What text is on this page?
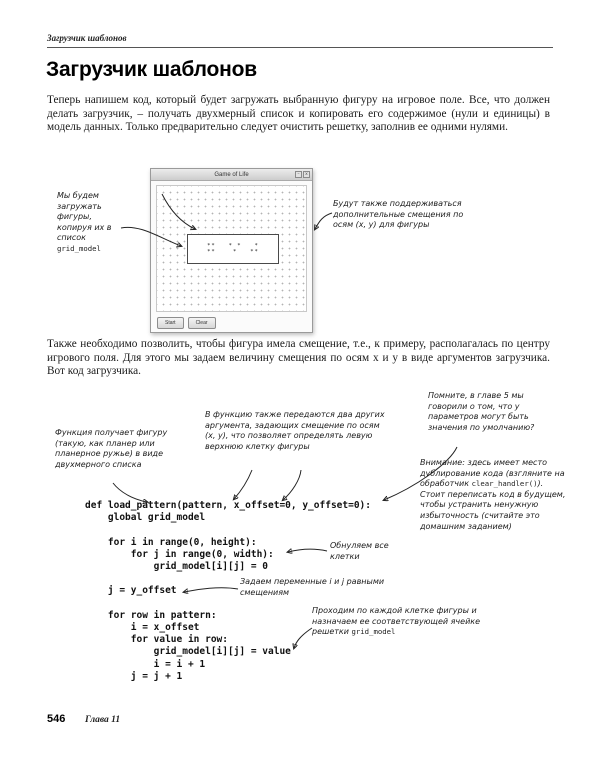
Загрузчик шаблонов
Загрузчик шаблонов

Теперь напишем код, который будет загружать выбранную фигуру на игровое поле. Все, что должен делать загрузчик, – получать двухмерный список и копировать его содержимое (нули и единицы) в модель данных. Только предварительно следует очистить решетку, заполнив ее одними нулями.

Game of Life	–	x
**   * *   *
**    *   **
Start	Clear
Мы будем загружать фигуры, копируя их в список grid_model
Будут также поддерживаться дополнительные смещения по осям (x, y) для фигуры

Также необходимо позволить, чтобы фигура имела смещение, т.е., к примеру, располагалась по центру игрового поля. Для этого мы задаем величину смещения по осям x и y в виде аргументов загрузчика. Вот код загрузчика.

Помните, в главе 5 мы говорили о том, что у параметров могут быть значения по умолчанию?
Функция получает фигуру (такую, как планер или планерное ружье) в виде двухмерного списка
В функцию также передаются два других аргумента, задающих смещение по осям (x, y), что позволяет определять левую верхнюю клетку фигуры
Внимание: здесь имеет место дублирование кода (взгляните на обработчик clear_handler()). Стоит переписать код в будущем, чтобы устранить ненужную избыточность (считайте это домашним заданием)
Обнуляем все клетки
Задаем переменные i и j равными смещениям
Проходим по каждой клетке фигуры и назначаем ее соответствующей ячейке решетки grid_model
def load_pattern(pattern, x_offset=0, y_offset=0):
global grid_model
for i in range(0, height):
for j in range(0, width):
grid_model[i][j] = 0
j = y_offset
for row in pattern:
i = x_offset
for value in row:
grid_model[i][j] = value
i = i + 1
j = j + 1
546 Глава 11
